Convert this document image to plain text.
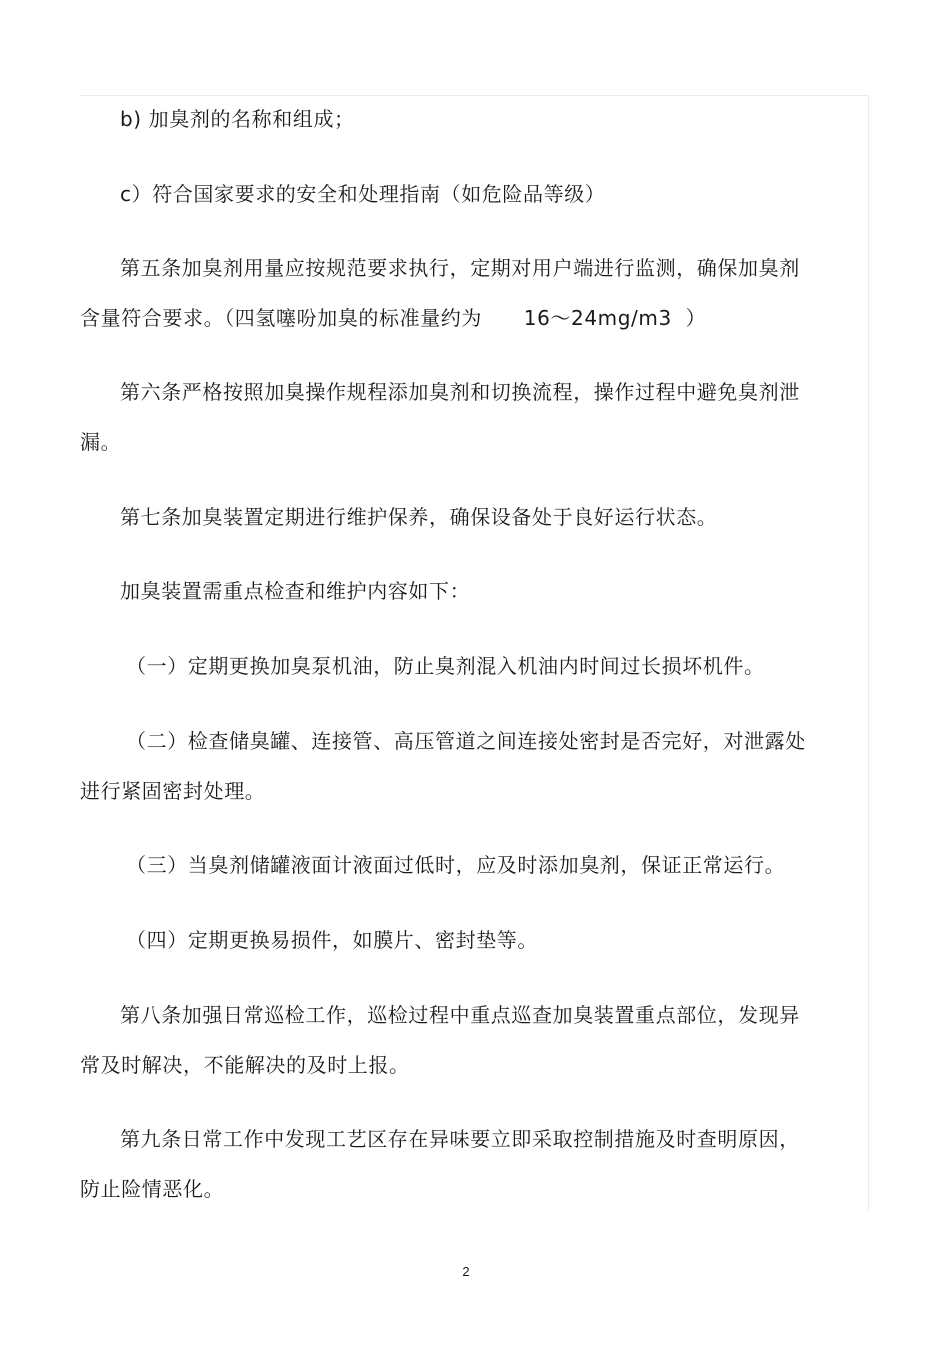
b) 加臭剂的名称和组成；
c）符合国家要求的安全和处理指南（如危险品等级）
第五条加臭剂用量应按规范要求执行，定期对用户端进行监测，确保加臭剂
含量符合要求。（四氢噻吩加臭的标准量约为      16～24mg/m3  ）
第六条严格按照加臭操作规程添加臭剂和切换流程，操作过程中避免臭剂泄
漏。
第七条加臭装置定期进行维护保养，确保设备处于良好运行状态。
加臭装置需重点检查和维护内容如下：
（一）定期更换加臭泵机油，防止臭剂混入机油内时间过长损坏机件。
（二）检查储臭罐、连接管、高压管道之间连接处密封是否完好，对泄露处
进行紧固密封处理。
（三）当臭剂储罐液面计液面过低时，应及时添加臭剂，保证正常运行。
（四）定期更换易损件，如膜片、密封垫等。
第八条加强日常巡检工作，巡检过程中重点巡查加臭装置重点部位，发现异
常及时解决，不能解决的及时上报。
第九条日常工作中发现工艺区存在异味要立即采取控制措施及时查明原因，
防止险情恶化。
2
